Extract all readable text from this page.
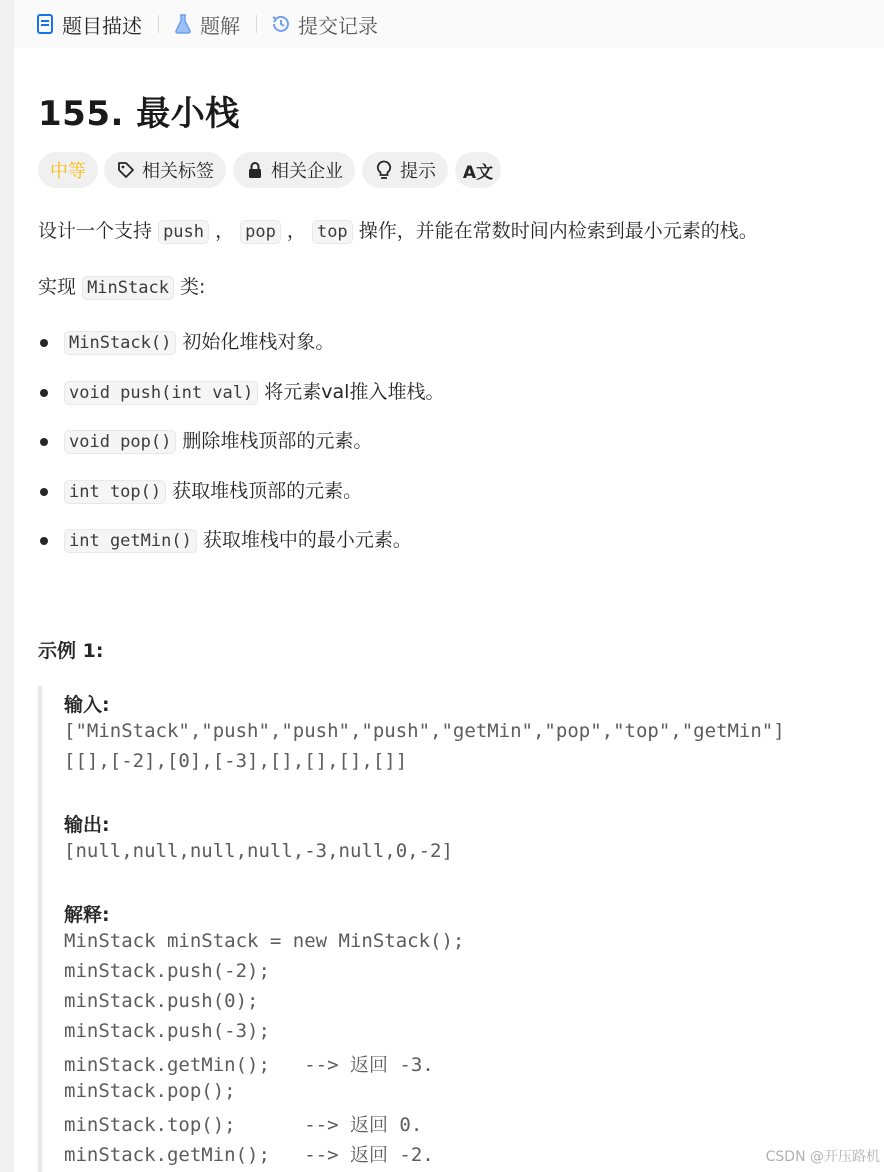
题目描述	题解	提交记录
155. 最小栈
中等	相关标签	相关企业	提示 A文
设计一个支持 push ， pop ， top 操作，并能在常数时间内检索到最小元素的栈。
实现 MinStack 类:
MinStack() 初始化堆栈对象。
void push(int val) 将元素val推入堆栈。
void pop() 删除堆栈顶部的元素。
int top() 获取堆栈顶部的元素。
int getMin() 获取堆栈中的最小元素。
示例 1:
输入:
["MinStack","push","push","push","getMin","pop","top","getMin"]
[[],[-2],[0],[-3],[],[],[],[]]
输出:
[null,null,null,null,-3,null,0,-2]
解释:
MinStack minStack = new MinStack();
minStack.push(-2);
minStack.push(0);
minStack.push(-3);
minStack.getMin();   --> 返回 -3.
minStack.pop();
minStack.top();      --> 返回 0.
minStack.getMin();   --> 返回 -2.	CSDN @开压路机
